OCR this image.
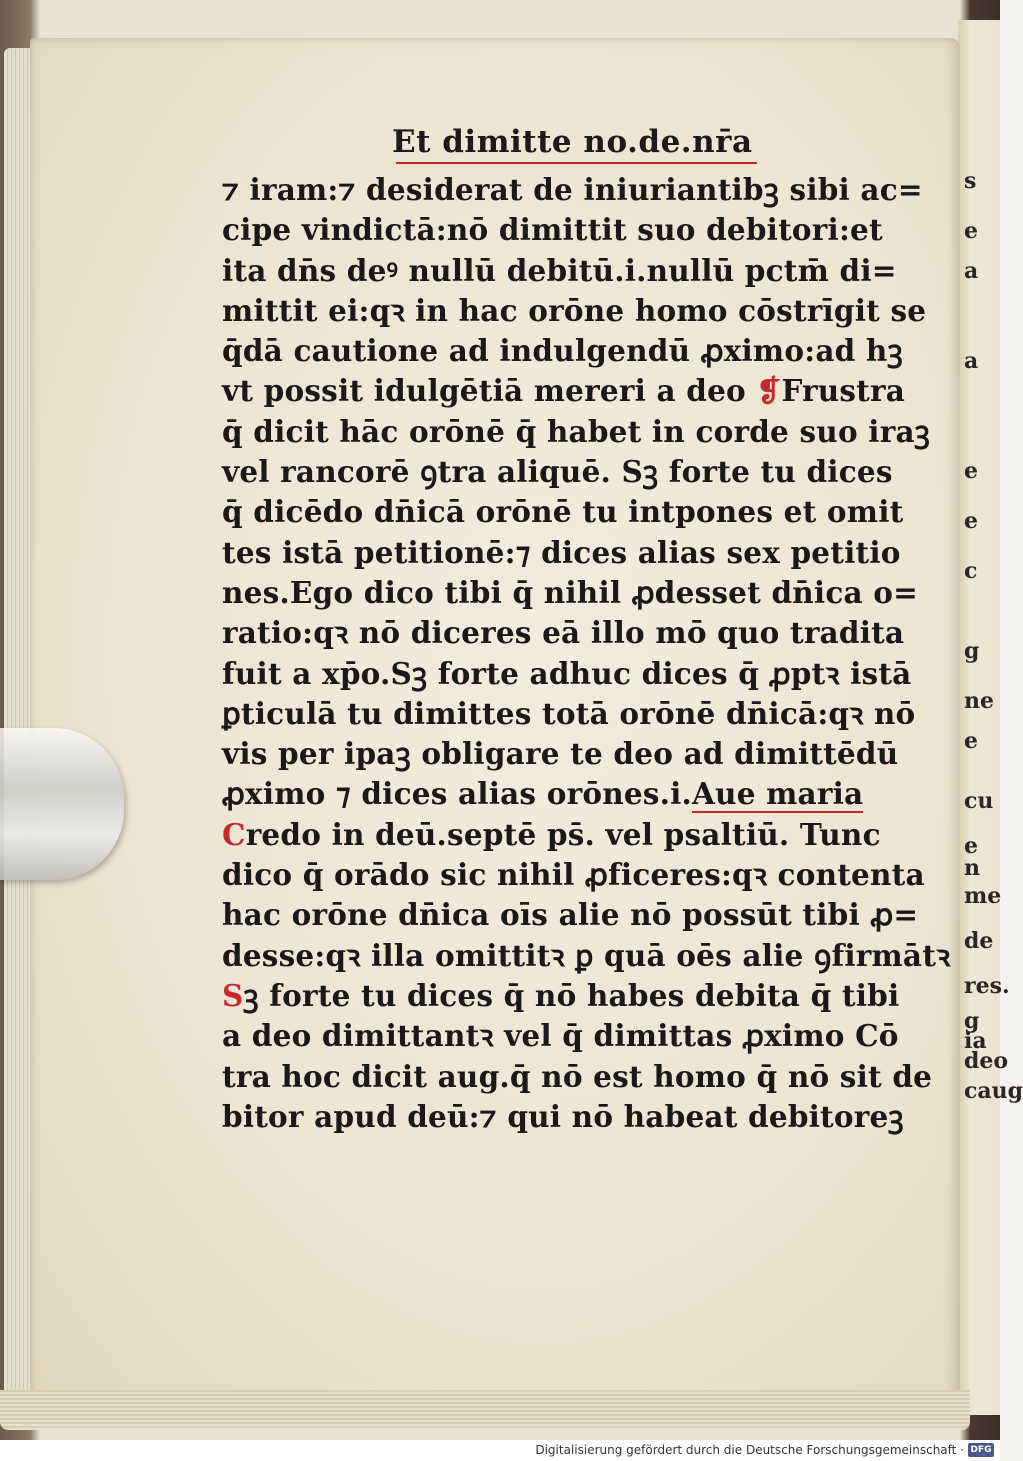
s
e
a
a
e
e
c
g
ne
e
cu
e n
me
de
res.
g
ia
deo
caug
Et dimitte no.de.nr̄a
⁊ iram:⁊ desiderat de iniuriantibꝫ sibi ac=
cipe vindictā:nō dimittit suo debitori:et
ita dn̄s deꝰ nullū debitū.i.nullū pctm̄ di=
mittit ei:qꝛ in hac orōne homo cōstrīgit se
q̄dā cautione ad indulgendū ꝓximo:ad hꝫ
vt possit idulgētiā mereri a deo ❡Frustra
q̄ dicit hāc orōnē q̄ habet in corde suo iraꝫ
vel rancorē ꝯtra aliquē. Sꝫ forte tu dices
q̄ dicēdo dn̄icā orōnē tu intpones et omit
tes istā petitionē:⁊ dices alias sex petitio
nes.Ego dico tibi q̄ nihil ꝓdesset dn̄ica o=
ratio:qꝛ nō diceres eā illo mō quo tradita
fuit a xp̄o.Sꝫ forte adhuc dices q̄ ꝓptꝛ istā
ꝑticulā tu dimittes totā orōnē dn̄icā:qꝛ nō
vis per ipaꝫ obligare te deo ad dimittēdū
ꝓximo ⁊ dices alias orōnes.i.Aue maria
Credo in deū.septē ps̄. vel psaltiū. Tunc
dico q̄ orādo sic nihil ꝓficeres:qꝛ contenta
hac orōne dn̄ica oīs alie nō possūt tibi ꝓ=
desse:qꝛ illa omittitꝛ ꝑ quā oēs alie ꝯfirmātꝛ
Sꝫ forte tu dices q̄ nō habes debita q̄ tibi
a deo dimittantꝛ vel q̄ dimittas ꝓximo Cō
tra hoc dicit aug.q̄ nō est homo q̄ nō sit de
bitor apud deū:⁊ qui nō habeat debitoreꝫ
Digitalisierung gefördert durch die Deutsche Forschungsgemeinschaft · DFG
